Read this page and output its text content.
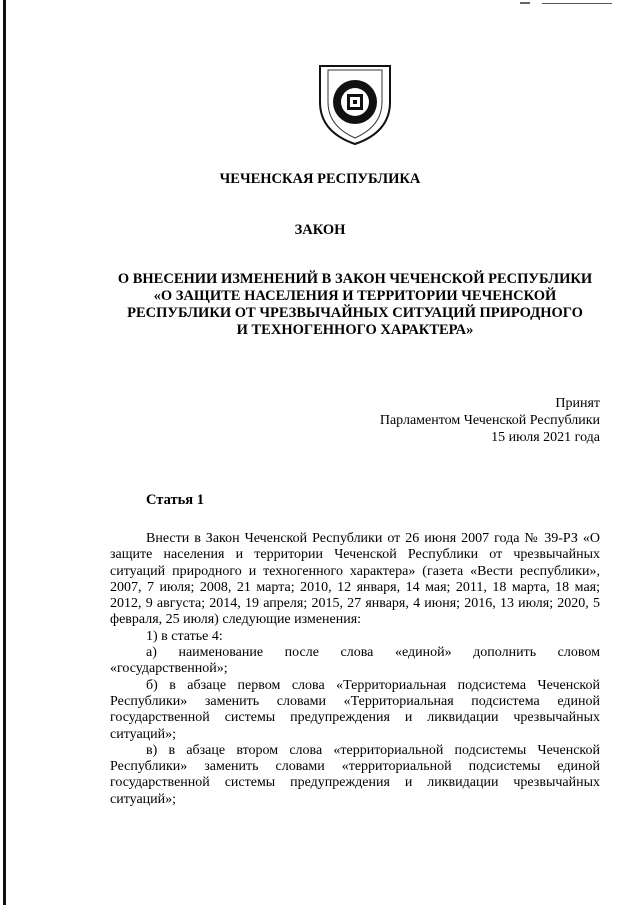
ЧЕЧЕНСКАЯ РЕСПУБЛИКА
ЗАКОН
О ВНЕСЕНИИ ИЗМЕНЕНИЙ В ЗАКОН ЧЕЧЕНСКОЙ РЕСПУБЛИКИ
«О ЗАЩИТЕ НАСЕЛЕНИЯ И ТЕРРИТОРИИ ЧЕЧЕНСКОЙ
РЕСПУБЛИКИ ОТ ЧРЕЗВЫЧАЙНЫХ СИТУАЦИЙ ПРИРОДНОГО
И ТЕХНОГЕННОГО ХАРАКТЕРА»
Принят
Парламентом Чеченской Республики
15 июля 2021 года
Статья 1

Внести в Закон Чеченской Республики от 26 июня 2007 года № 39-РЗ «О защите населения и территории Чеченской Республики от чрезвычайных ситуаций природного и техногенного характера» (газета «Вести республики», 2007, 7 июля; 2008, 21 марта; 2010, 12 января, 14 мая; 2011, 18 марта, 18 мая; 2012, 9 августа; 2014, 19 апреля; 2015, 27 января, 4 июня; 2016, 13 июля; 2020, 5 февраля, 25 июля) следующие изменения:

1) в статье 4:

а) наименование после слова «единой» дополнить словом «государственной»;

б) в абзаце первом слова «Территориальная подсистема Чеченской Республики» заменить словами «Территориальная подсистема единой государственной системы предупреждения и ликвидации чрезвычайных ситуаций»;

в) в абзаце втором слова «территориальной подсистемы Чеченской Республики» заменить словами «территориальной подсистемы единой государственной системы предупреждения и ликвидации чрезвычайных ситуаций»;
